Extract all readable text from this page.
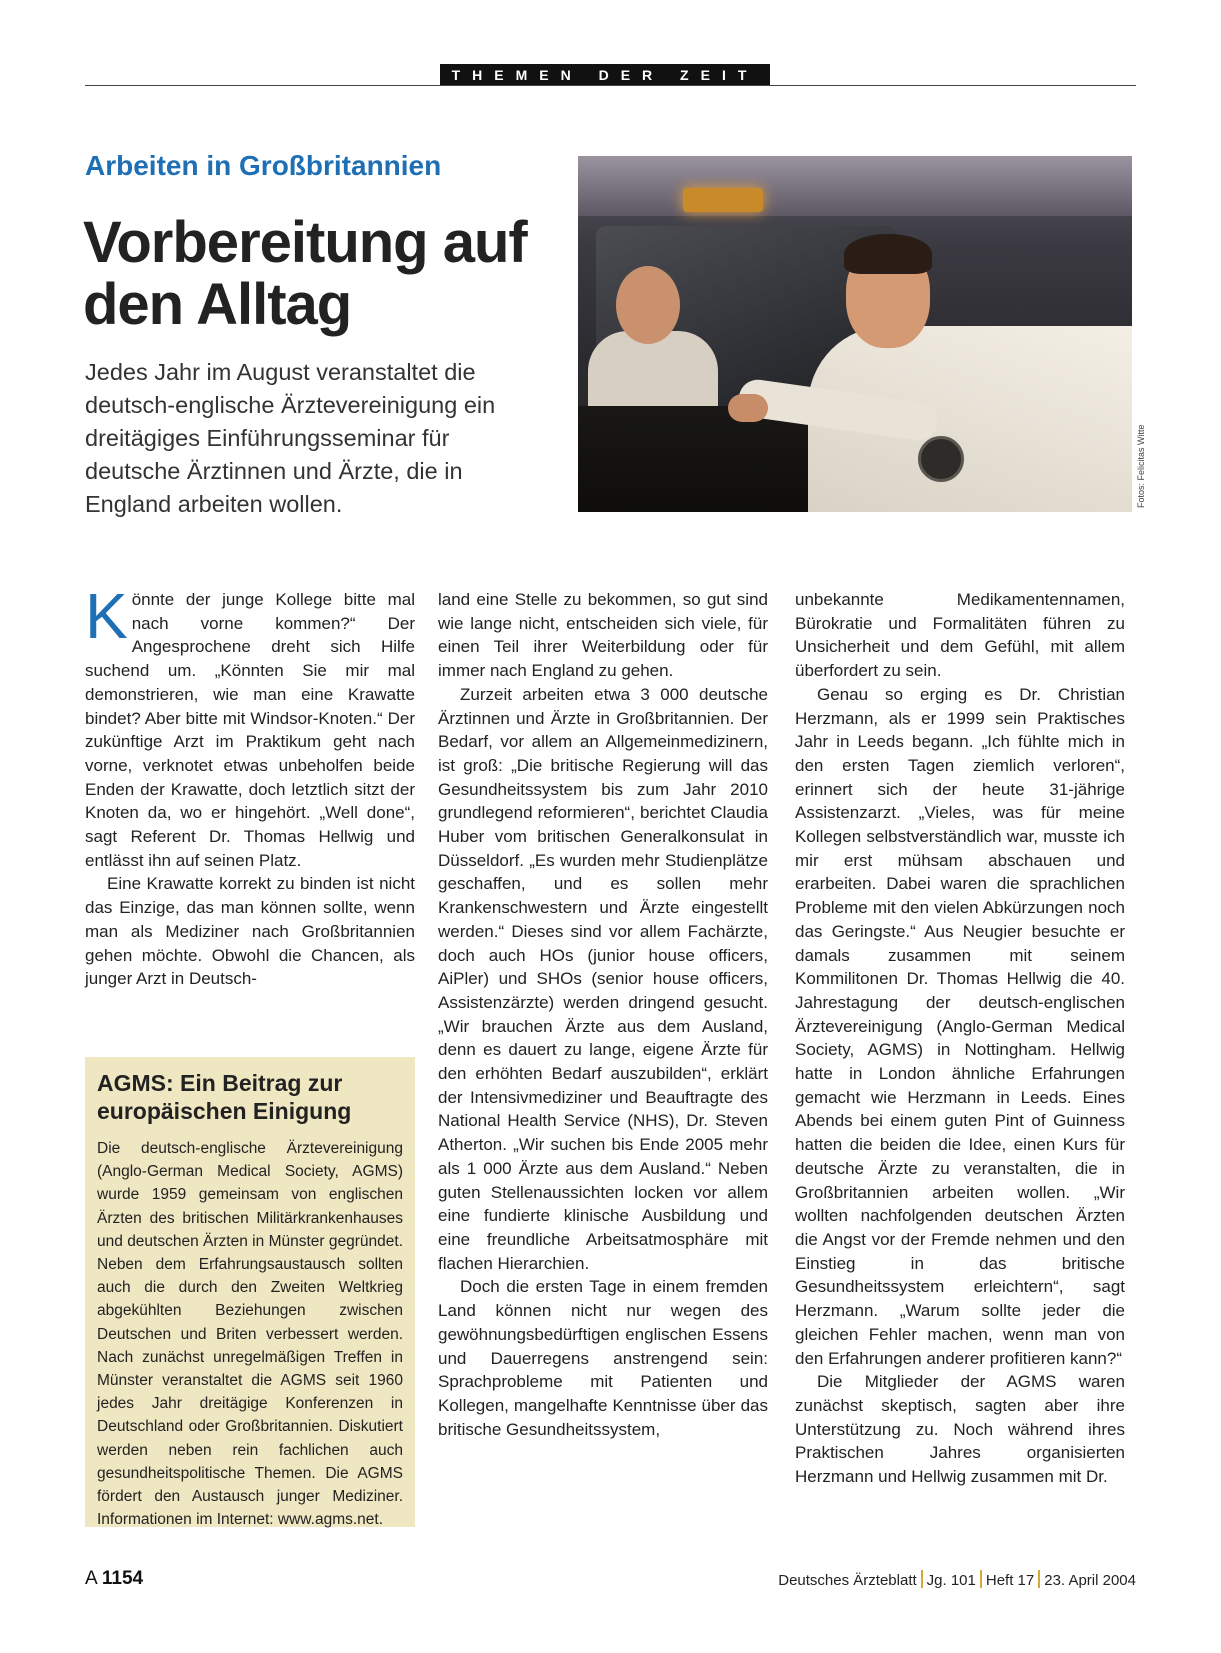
THEMEN DER ZEIT
Arbeiten in Großbritannien
Vorbereitung auf den Alltag
Jedes Jahr im August veranstaltet die deutsch-englische Ärztevereinigung ein dreitägiges Einführungsseminar für deutsche Ärztinnen und Ärzte, die in England arbeiten wollen.	Fotos: Felicitas Witte

Könnte der junge Kollege bitte mal nach vorne kommen?“ Der Angesprochene dreht sich Hilfe suchend um. „Könnten Sie mir mal demonstrieren, wie man eine Krawatte bindet? Aber bitte mit Windsor-Knoten.“ Der zukünftige Arzt im Praktikum geht nach vorne, verknotet etwas unbeholfen beide Enden der Krawatte, doch letztlich sitzt der Knoten da, wo er hingehört. „Well done“, sagt Referent Dr. Thomas Hellwig und entlässt ihn auf seinen Platz.

Eine Krawatte korrekt zu binden ist nicht das Einzige, das man können sollte, wenn man als Mediziner nach Großbritannien gehen möchte. Obwohl die Chancen, als junger Arzt in Deutsch-

AGMS: Ein Beitrag zur europäischen Einigung
Die deutsch-englische Ärztevereinigung (Anglo-German Medical Society, AGMS) wurde 1959 gemeinsam von englischen Ärzten des britischen Militärkrankenhauses und deutschen Ärzten in Münster gegründet. Neben dem Erfahrungsaustausch sollten auch die durch den Zweiten Weltkrieg abgekühlten Beziehungen zwischen Deutschen und Briten verbessert werden. Nach zunächst unregelmäßigen Treffen in Münster veranstaltet die AGMS seit 1960 jedes Jahr dreitägige Konferenzen in Deutschland oder Großbritannien. Diskutiert werden neben rein fachlichen auch gesundheitspolitische Themen. Die AGMS fördert den Austausch junger Mediziner. Informationen im Internet: www.agms.net.

land eine Stelle zu bekommen, so gut sind wie lange nicht, entscheiden sich viele, für einen Teil ihrer Weiterbildung oder für immer nach England zu gehen.

Zurzeit arbeiten etwa 3 000 deutsche Ärztinnen und Ärzte in Großbritannien. Der Bedarf, vor allem an Allgemeinmedizinern, ist groß: „Die britische Regierung will das Gesundheitssystem bis zum Jahr 2010 grundlegend reformieren“, berichtet Claudia Huber vom britischen Generalkonsulat in Düsseldorf. „Es wurden mehr Studienplätze geschaffen, und es sollen mehr Krankenschwestern und Ärzte eingestellt werden.“ Dieses sind vor allem Fachärzte, doch auch HOs (junior house officers, AiPler) und SHOs (senior house officers, Assistenzärzte) werden dringend gesucht. „Wir brauchen Ärzte aus dem Ausland, denn es dauert zu lange, eigene Ärzte für den erhöhten Bedarf auszubilden“, erklärt der Intensivmediziner und Beauftragte des National Health Service (NHS), Dr. Steven Atherton. „Wir suchen bis Ende 2005 mehr als 1 000 Ärzte aus dem Ausland.“ Neben guten Stellenaussichten locken vor allem eine fundierte klinische Ausbildung und eine freundliche Arbeitsatmosphäre mit flachen Hierarchien.

Doch die ersten Tage in einem fremden Land können nicht nur wegen des gewöhnungsbedürftigen englischen Essens und Dauerregens anstrengend sein: Sprachprobleme mit Patienten und Kollegen, mangelhafte Kenntnisse über das britische Gesundheitssystem,

unbekannte Medikamentennamen, Bürokratie und Formalitäten führen zu Unsicherheit und dem Gefühl, mit allem überfordert zu sein.

Genau so erging es Dr. Christian Herzmann, als er 1999 sein Praktisches Jahr in Leeds begann. „Ich fühlte mich in den ersten Tagen ziemlich verloren“, erinnert sich der heute 31-jährige Assistenzarzt. „Vieles, was für meine Kollegen selbstverständlich war, musste ich mir erst mühsam abschauen und erarbeiten. Dabei waren die sprachlichen Probleme mit den vielen Abkürzungen noch das Geringste.“ Aus Neugier besuchte er damals zusammen mit seinem Kommilitonen Dr. Thomas Hellwig die 40. Jahrestagung der deutsch-englischen Ärztevereinigung (Anglo-German Medical Society, AGMS) in Nottingham. Hellwig hatte in London ähnliche Erfahrungen gemacht wie Herzmann in Leeds. Eines Abends bei einem guten Pint of Guinness hatten die beiden die Idee, einen Kurs für deutsche Ärzte zu veranstalten, die in Großbritannien arbeiten wollen. „Wir wollten nachfolgenden deutschen Ärzten die Angst vor der Fremde nehmen und den Einstieg in das britische Gesundheitssystem erleichtern“, sagt Herzmann. „Warum sollte jeder die gleichen Fehler machen, wenn man von den Erfahrungen anderer profitieren kann?“

Die Mitglieder der AGMS waren zunächst skeptisch, sagten aber ihre Unterstützung zu. Noch während ihres Praktischen Jahres organisierten Herzmann und Hellwig zusammen mit Dr.

A 1154	Deutsches Ärzteblatt Jg. 101 Heft 17 23. April 2004
